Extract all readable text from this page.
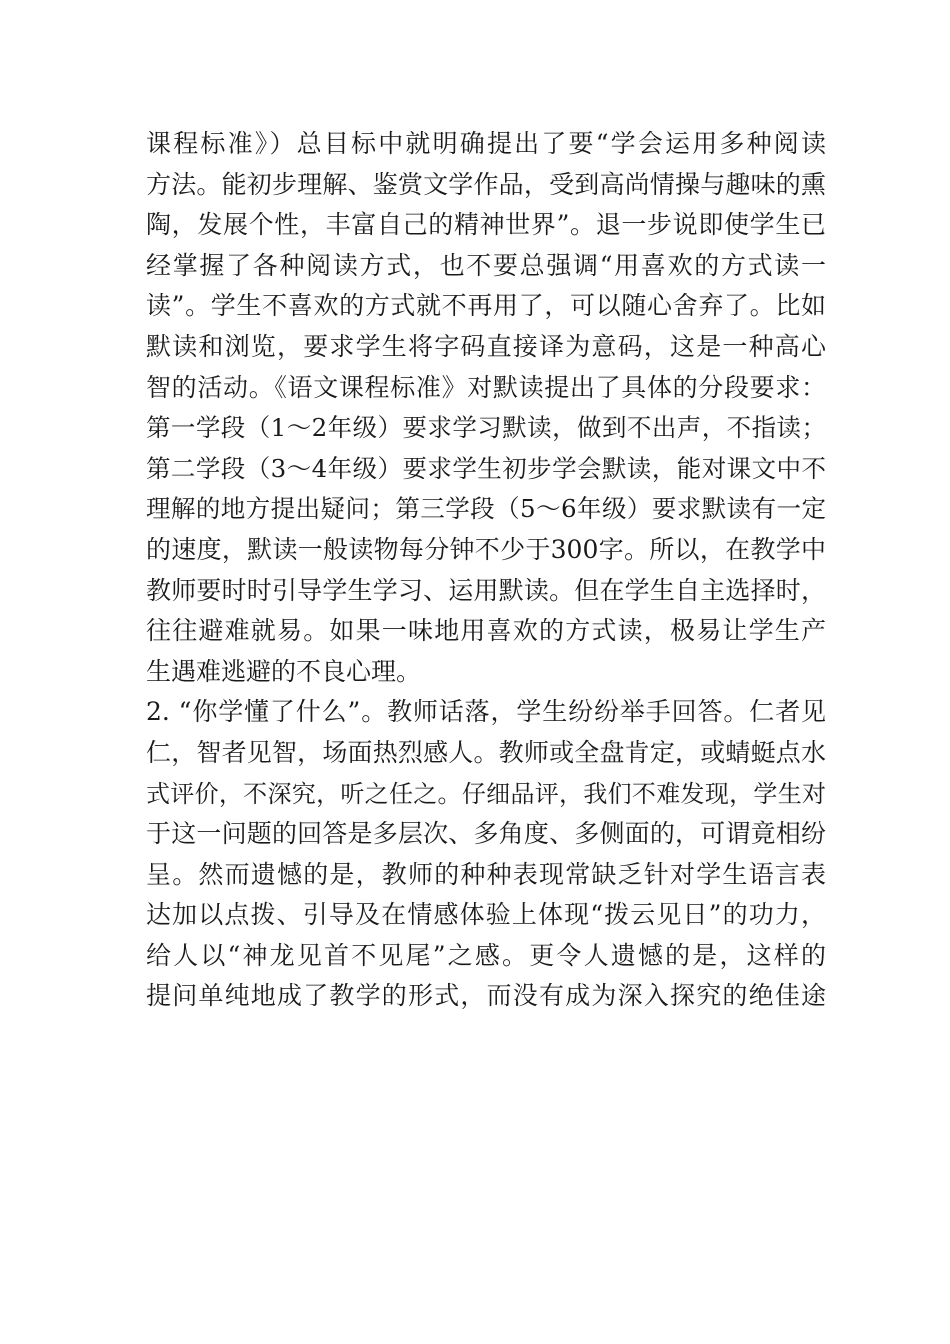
课程标准》）总目标中就明确提出了要“学会运用多种阅读
方法。能初步理解、鉴赏文学作品，受到高尚情操与趣味的熏
陶，发展个性，丰富自己的精神世界”。退一步说即使学生已
经掌握了各种阅读方式，也不要总强调“用喜欢的方式读一
读”。学生不喜欢的方式就不再用了，可以随心舍弃了。比如
默读和浏览，要求学生将字码直接译为意码，这是一种高心
智的活动。《语文课程标准》对默读提出了具体的分段要求：
第一学段（1～2年级）要求学习默读，做到不出声，不指读；
第二学段（3～4年级）要求学生初步学会默读，能对课文中不
理解的地方提出疑问；第三学段（5～6年级）要求默读有一定
的速度，默读一般读物每分钟不少于300字。所以，在教学中
教师要时时引导学生学习、运用默读。但在学生自主选择时，
往往避难就易。如果一味地用喜欢的方式读，极易让学生产
生遇难逃避的不良心理。
2. “你学懂了什么”。教师话落，学生纷纷举手回答。仁者见
仁，智者见智，场面热烈感人。教师或全盘肯定，或蜻蜓点水
式评价，不深究，听之任之。仔细品评，我们不难发现，学生对
于这一问题的回答是多层次、多角度、多侧面的，可谓竟相纷
呈。然而遗憾的是，教师的种种表现常缺乏针对学生语言表
达加以点拨、引导及在情感体验上体现“拨云见日”的功力，
给人以“神龙见首不见尾”之感。更令人遗憾的是，这样的
提问单纯地成了教学的形式，而没有成为深入探究的绝佳途
